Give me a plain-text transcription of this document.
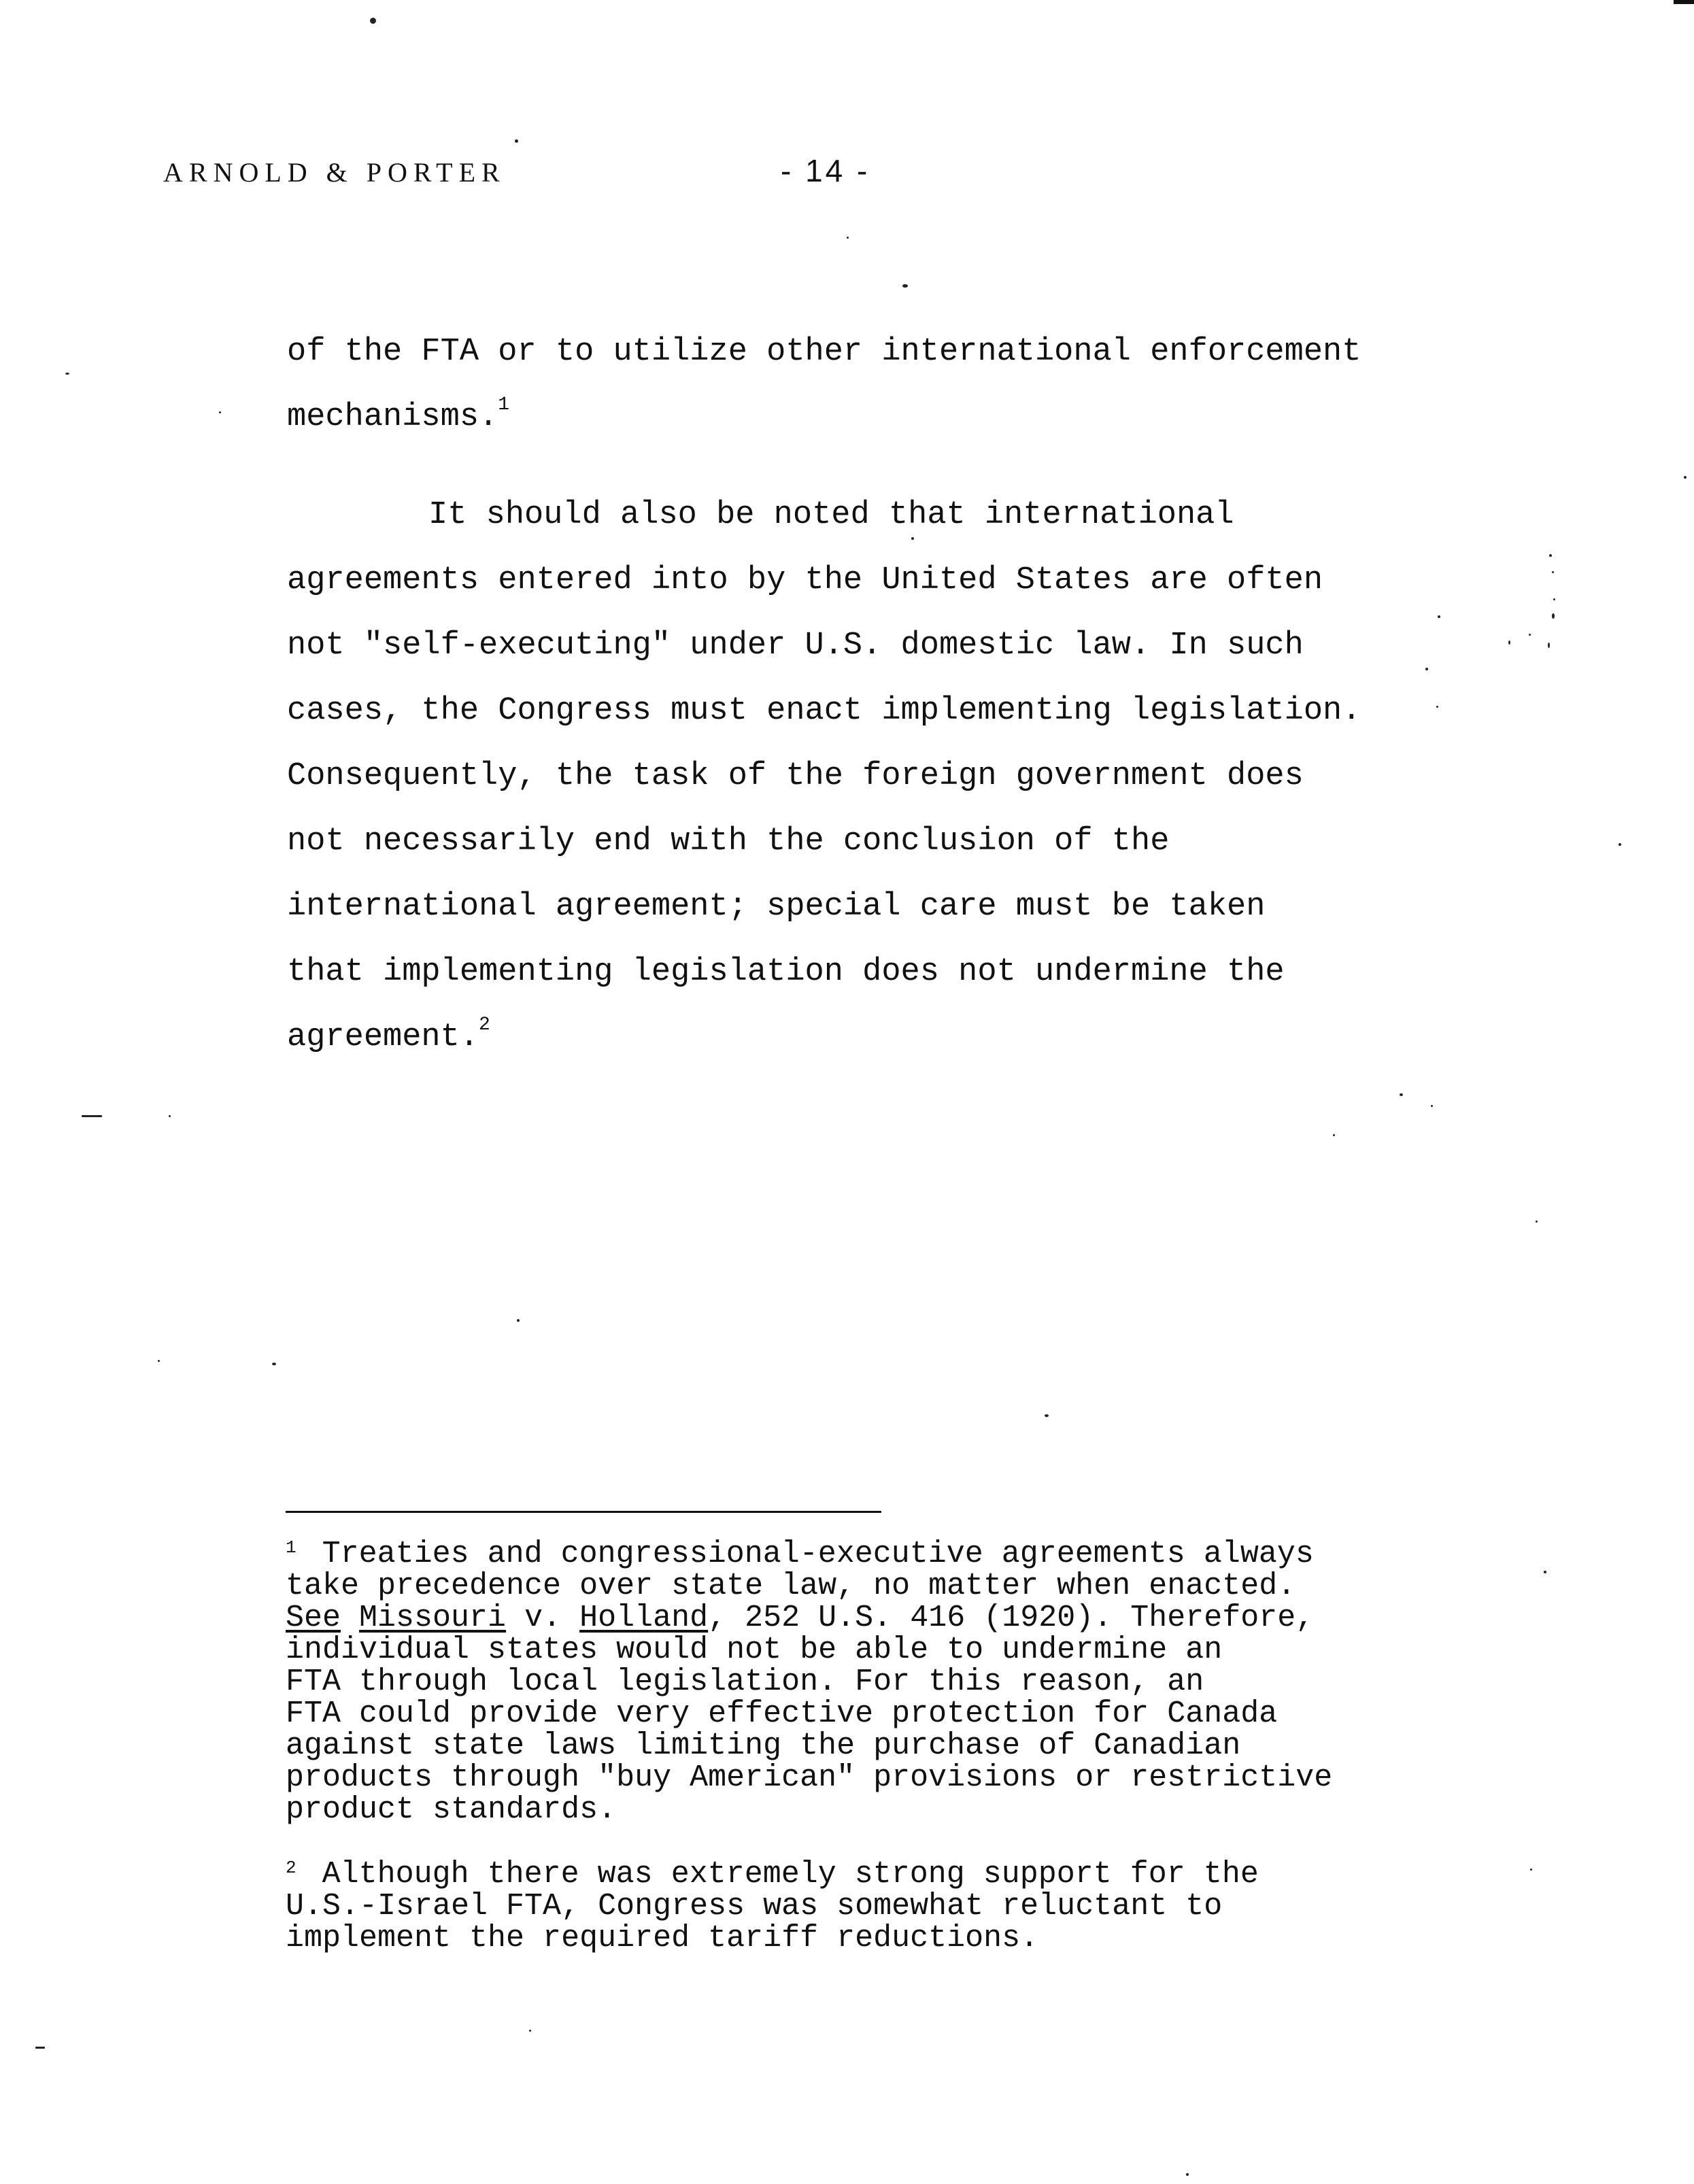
ARNOLD & PORTER	- 14 -
of the FTA or to utilize other international enforcement
mechanisms.$^1$
It should also be noted that international
agreements entered into by the United States are often
not "self-executing" under U.S. domestic law. In such
cases, the Congress must enact implementing legislation.
Consequently, the task of the foreign government does
not necessarily end with the conclusion of the
international agreement; special care must be taken
that implementing legislation does not undermine the
agreement.$^2$
$^1$ Treaties and congressional-executive agreements always
take precedence over state law, no matter when enacted.
See Missouri v. Holland, 252 U.S. 416 (1920). Therefore,
individual states would not be able to undermine an
FTA through local legislation. For this reason, an
FTA could provide very effective protection for Canada
against state laws limiting the purchase of Canadian
products through "buy American" provisions or restrictive
product standards.
$^2$ Although there was extremely strong support for the
U.S.-Israel FTA, Congress was somewhat reluctant to
implement the required tariff reductions.
